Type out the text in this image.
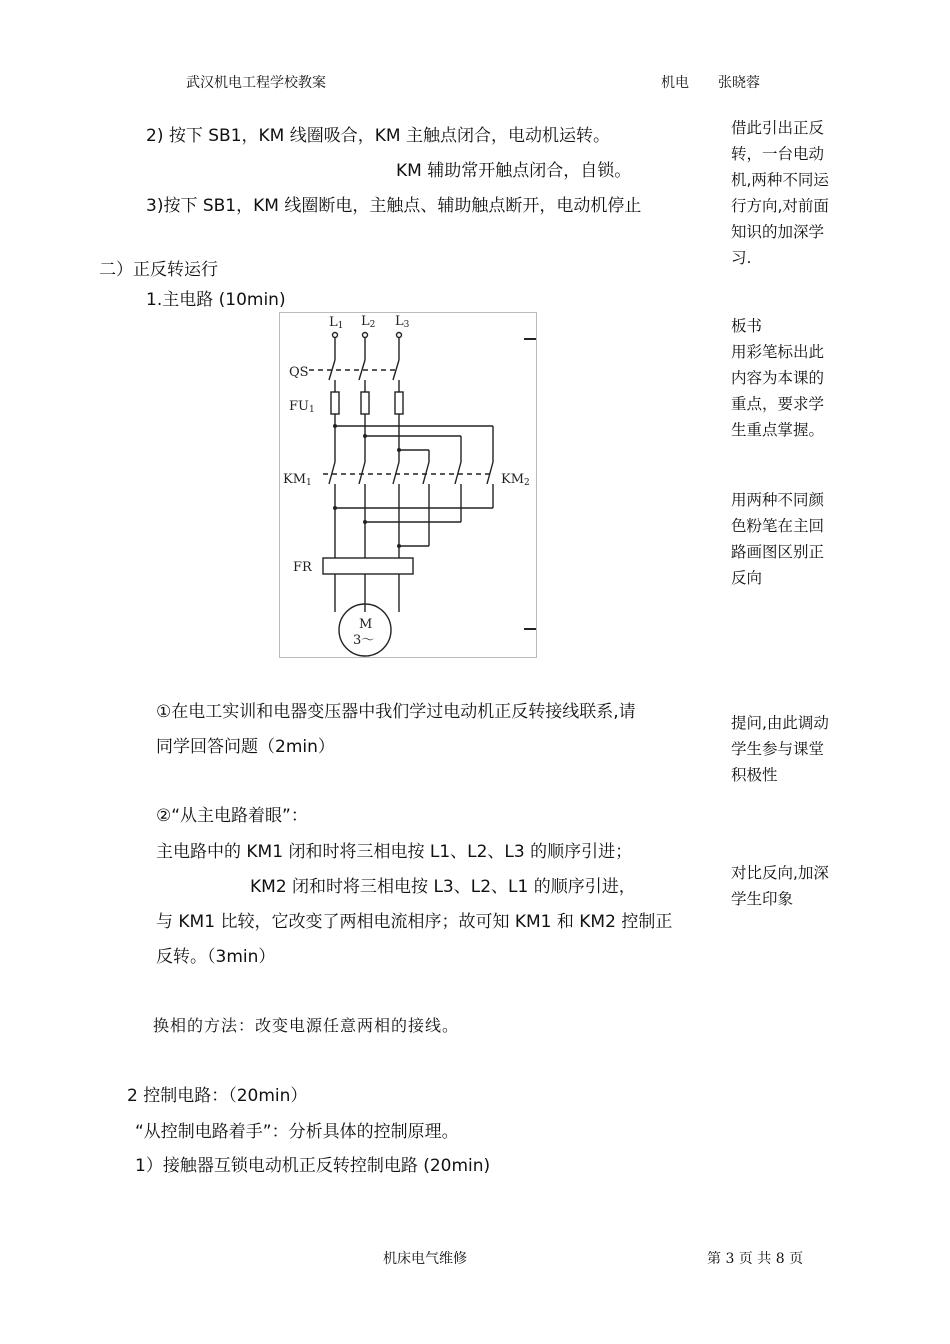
武汉机电工程学校教案	机电 张晓蓉
2) 按下 SB1，KM 线圈吸合，KM 主触点闭合，电动机运转。
KM 辅助常开触点闭合，自锁。
3)按下 SB1，KM 线圈断电，主触点、辅助触点断开，电动机停止
二）正反转运行
1.主电路 (10min)
L1 L2 L3
QS
FU1
KM1	KM2
FR
M
3～
①在电工实训和电器变压器中我们学过电动机正反转接线联系,请
同学回答问题（2min）
②“从主电路着眼”：
主电路中的 KM1 闭和时将三相电按 L1、L2、L3 的顺序引进；
KM2 闭和时将三相电按 L3、L2、L1 的顺序引进，
与 KM1 比较，它改变了两相电流相序；故可知 KM1 和 KM2 控制正
反转。（3min）
换相的方法：改变电源任意两相的接线。
2 控制电路：（20min）
“从控制电路着手”：分析具体的控制原理。
1）接触器互锁电动机正反转控制电路 (20min)
借此引出正反
转，一台电动
机,两种不同运
行方向,对前面
知识的加深学
习.
板书
用彩笔标出此
内容为本课的
重点，要求学
生重点掌握。
用两种不同颜
色粉笔在主回
路画图区别正
反向
提问,由此调动
学生参与课堂
积极性
对比反向,加深
学生印象
机床电气维修	第 3 页 共 8 页
